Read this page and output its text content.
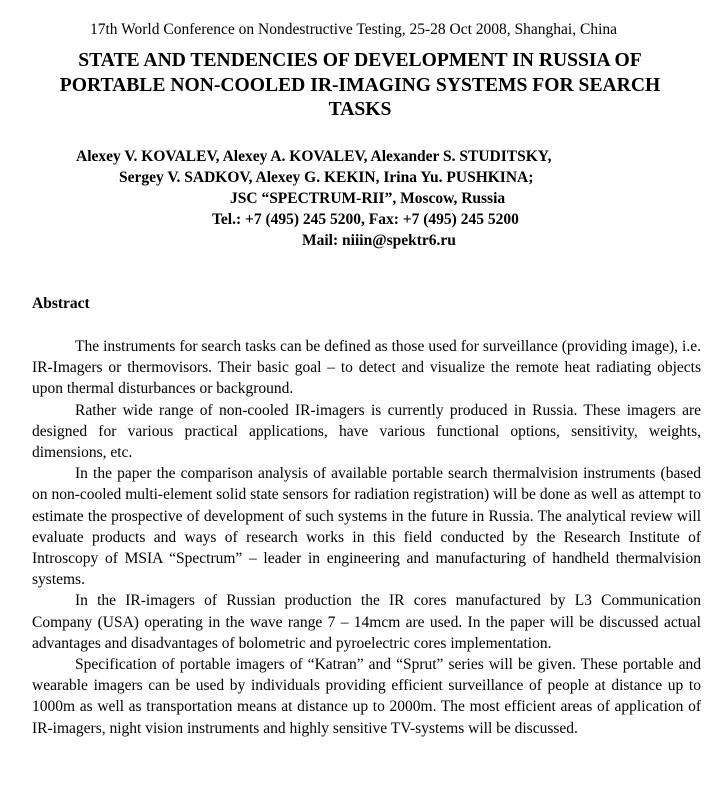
17th World Conference on Nondestructive Testing, 25-28 Oct 2008, Shanghai, China
STATE AND TENDENCIES OF DEVELOPMENT IN RUSSIA OF
PORTABLE NON-COOLED IR-IMAGING SYSTEMS FOR SEARCH
TASKS
Alexey V. KOVALEV, Alexey A. KOVALEV, Alexander S. STUDITSKY,
Sergey V. SADKOV, Alexey G. KEKIN, Irina Yu. PUSHKINA;
JSC “SPECTRUM-RII”, Moscow, Russia
Tel.: +7 (495) 245 5200, Fax: +7 (495) 245 5200
Mail: niiin@spektr6.ru
Abstract

The instruments for search tasks can be defined as those used for surveillance (providing image), i.e. IR-Imagers or thermovisors. Their basic goal – to detect and visualize the remote heat radiating objects upon thermal disturbances or background.

Rather wide range of non-cooled IR-imagers is currently produced in Russia. These imagers are designed for various practical applications, have various functional options, sensitivity, weights, dimensions, etc.

In the paper the comparison analysis of available portable search thermalvision instruments (based on non-cooled multi-element solid state sensors for radiation registration) will be done as well as attempt to estimate the prospective of development of such systems in the future in Russia. The analytical review will evaluate products and ways of research works in this field conducted by the Research Institute of Introscopy of MSIA “Spectrum” – leader in engineering and manufacturing of handheld thermalvision systems.

In the IR-imagers of Russian production the IR cores manufactured by L3 Communication Company (USA) operating in the wave range 7 – 14mcm are used. In the paper will be discussed actual advantages and disadvantages of bolometric and pyroelectric cores implementation.

Specification of portable imagers of “Katran” and “Sprut” series will be given. These portable and wearable imagers can be used by individuals providing efficient surveillance of people at distance up to 1000m as well as transportation means at distance up to 2000m. The most efficient areas of application of IR-imagers, night vision instruments and highly sensitive TV-systems will be discussed.
